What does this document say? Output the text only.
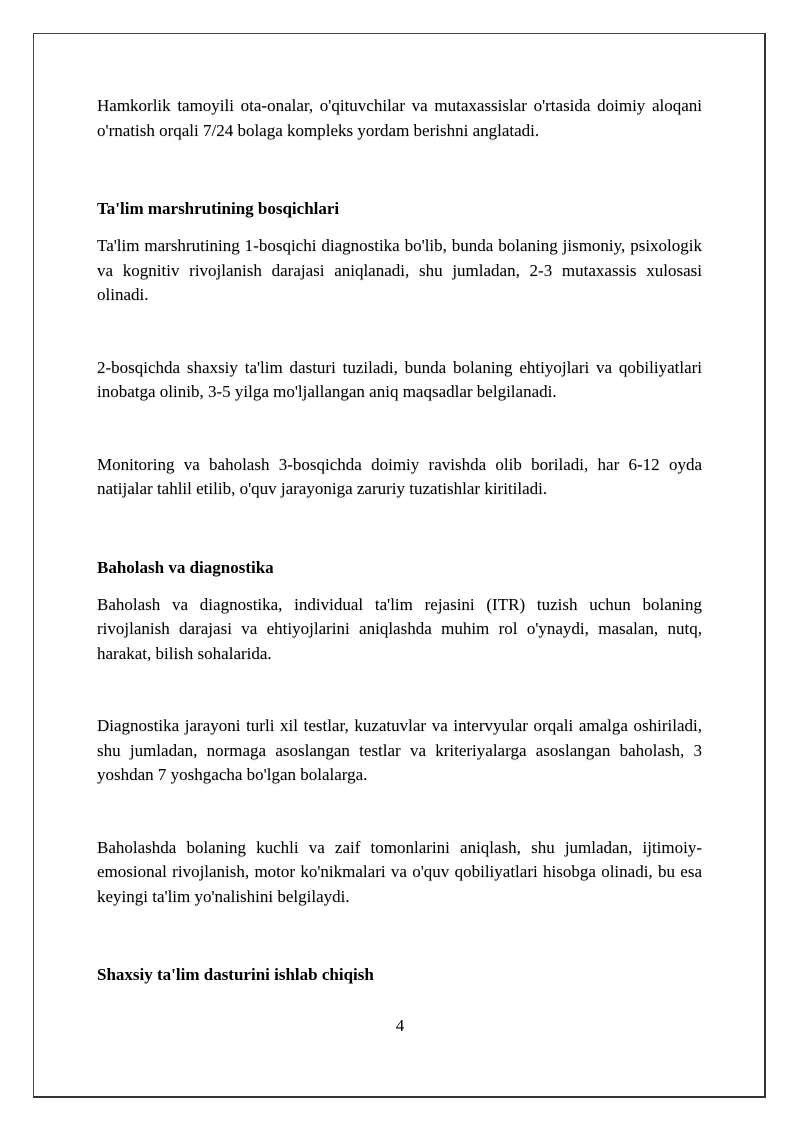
Hamkorlik tamoyili ota-onalar, o'qituvchilar va mutaxassislar o'rtasida doimiy aloqani o'rnatish orqali 7/24 bolaga kompleks yordam berishni anglatadi.

Ta'lim marshrutining bosqichlari

Ta'lim marshrutining 1-bosqichi diagnostika bo'lib, bunda bolaning jismoniy, psixologik va kognitiv rivojlanish darajasi aniqlanadi, shu jumladan, 2-3 mutaxassis xulosasi olinadi.

2-bosqichda shaxsiy ta'lim dasturi tuziladi, bunda bolaning ehtiyojlari va qobiliyatlari inobatga olinib, 3-5 yilga mo'ljallangan aniq maqsadlar belgilanadi.

Monitoring va baholash 3-bosqichda doimiy ravishda olib boriladi, har 6-12 oyda natijalar tahlil etilib, o'quv jarayoniga zaruriy tuzatishlar kiritiladi.

Baholash va diagnostika

Baholash va diagnostika, individual ta'lim rejasini (ITR) tuzish uchun bolaning rivojlanish darajasi va ehtiyojlarini aniqlashda muhim rol o'ynaydi, masalan, nutq, harakat, bilish sohalarida.

Diagnostika jarayoni turli xil testlar, kuzatuvlar va intervyular orqali amalga oshiriladi, shu jumladan, normaga asoslangan testlar va kriteriyalarga asoslangan baholash, 3 yoshdan 7 yoshgacha bo'lgan bolalarga.

Baholashda bolaning kuchli va zaif tomonlarini aniqlash, shu jumladan, ijtimoiy-emosional rivojlanish, motor ko'nikmalari va o'quv qobiliyatlari hisobga olinadi, bu esa keyingi ta'lim yo'nalishini belgilaydi.

Shaxsiy ta'lim dasturini ishlab chiqish
4
